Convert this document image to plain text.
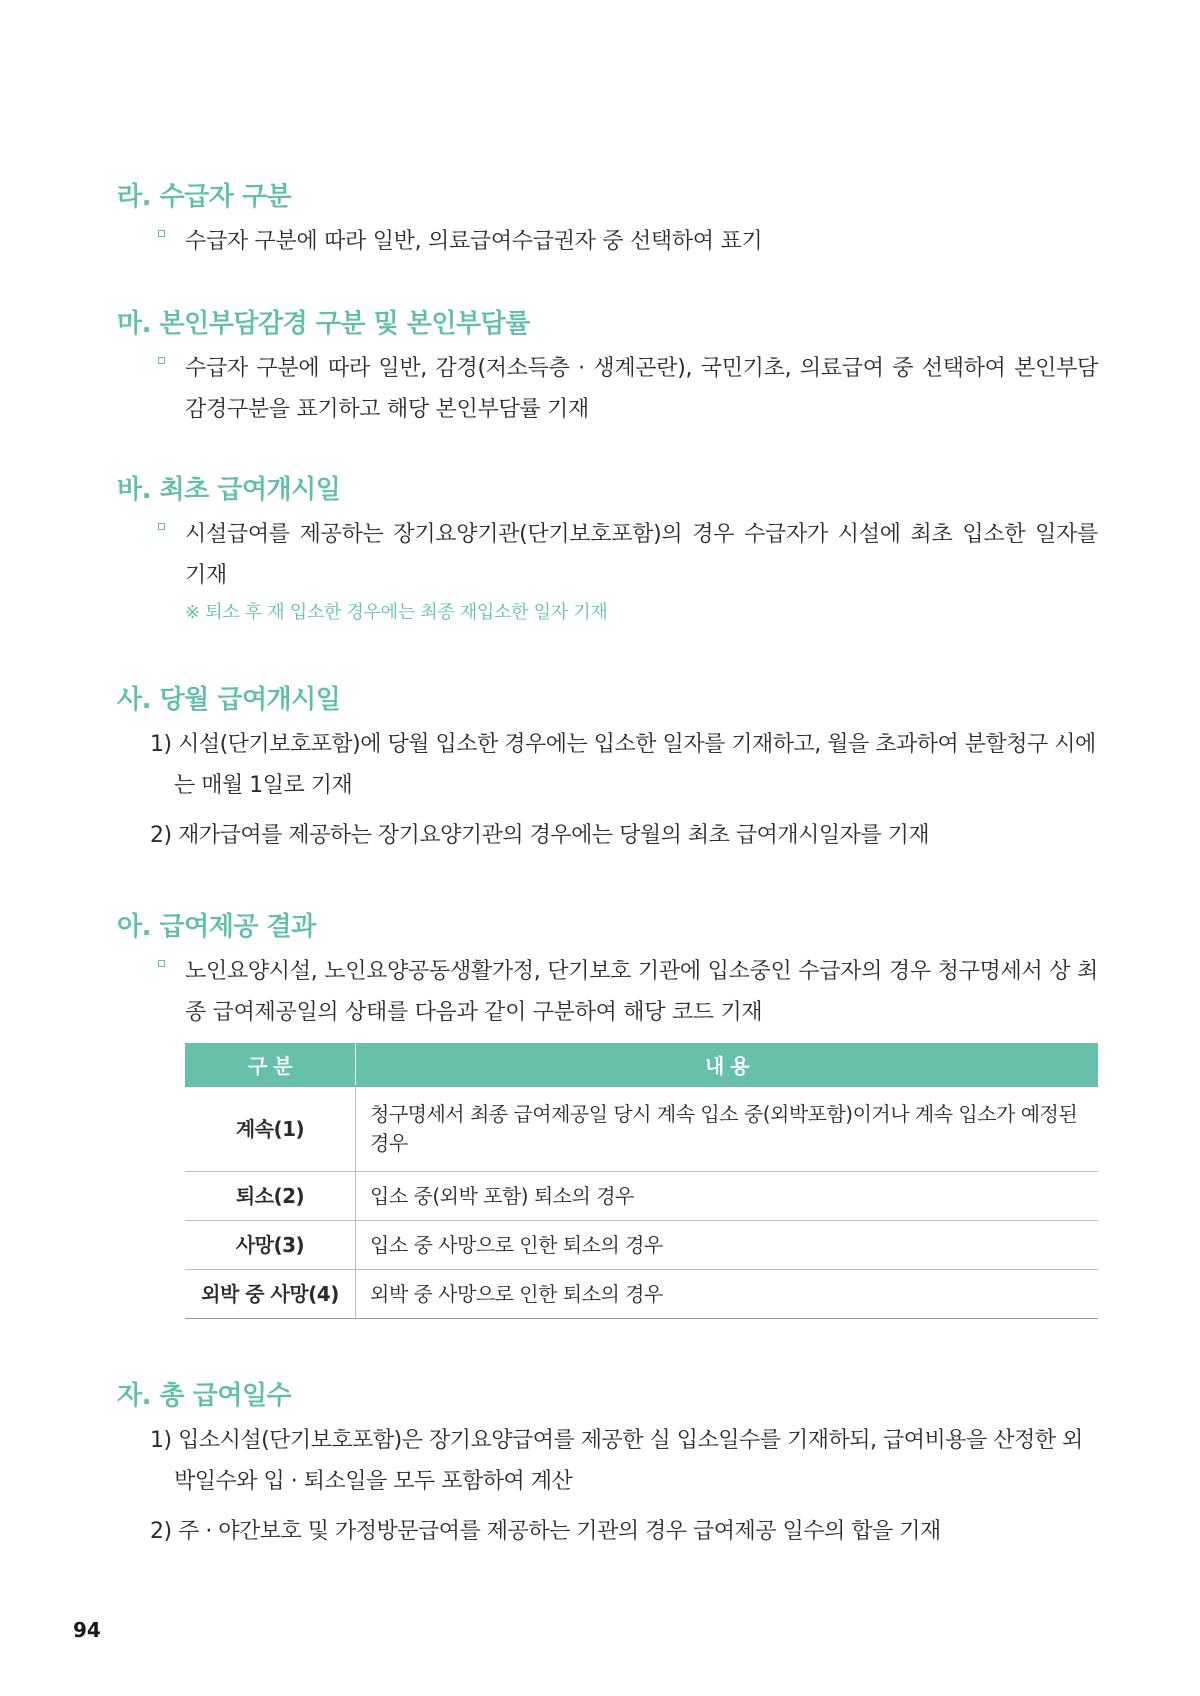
라. 수급자 구분

수급자 구분에 따라 일반, 의료급여수급권자 중 선택하여 표기

마. 본인부담감경 구분 및 본인부담률

수급자 구분에 따라 일반, 감경(저소득층 · 생계곤란), 국민기초, 의료급여 중 선택하여 본인부담 감경구분을 표기하고 해당 본인부담률 기재

바. 최초 급여개시일

시설급여를 제공하는 장기요양기관(단기보호포함)의 경우 수급자가 시설에 최초 입소한 일자를 기재

※ 퇴소 후 재 입소한 경우에는 최종 재입소한 일자 기재

사. 당월 급여개시일

1) 시설(단기보호포함)에 당월 입소한 경우에는 입소한 일자를 기재하고, 월을 초과하여 분할청구 시에는 매월 1일로 기재

2) 재가급여를 제공하는 장기요양기관의 경우에는 당월의 최초 급여개시일자를 기재

아. 급여제공 결과

노인요양시설, 노인요양공동생활가정, 단기보호 기관에 입소중인 수급자의 경우 청구명세서 상 최종 급여제공일의 상태를 다음과 같이 구분하여 해당 코드 기재

구 분	내 용
계속(1)	청구명세서 최종 급여제공일 당시 계속 입소 중(외박포함)이거나 계속 입소가 예정된 경우
퇴소(2)	입소 중(외박 포함) 퇴소의 경우
사망(3)	입소 중 사망으로 인한 퇴소의 경우
외박 중 사망(4)	외박 중 사망으로 인한 퇴소의 경우
자. 총 급여일수

1) 입소시설(단기보호포함)은 장기요양급여를 제공한 실 입소일수를 기재하되, 급여비용을 산정한 외박일수와 입 · 퇴소일을 모두 포함하여 계산

2) 주 · 야간보호 및 가정방문급여를 제공하는 기관의 경우 급여제공 일수의 합을 기재

94
